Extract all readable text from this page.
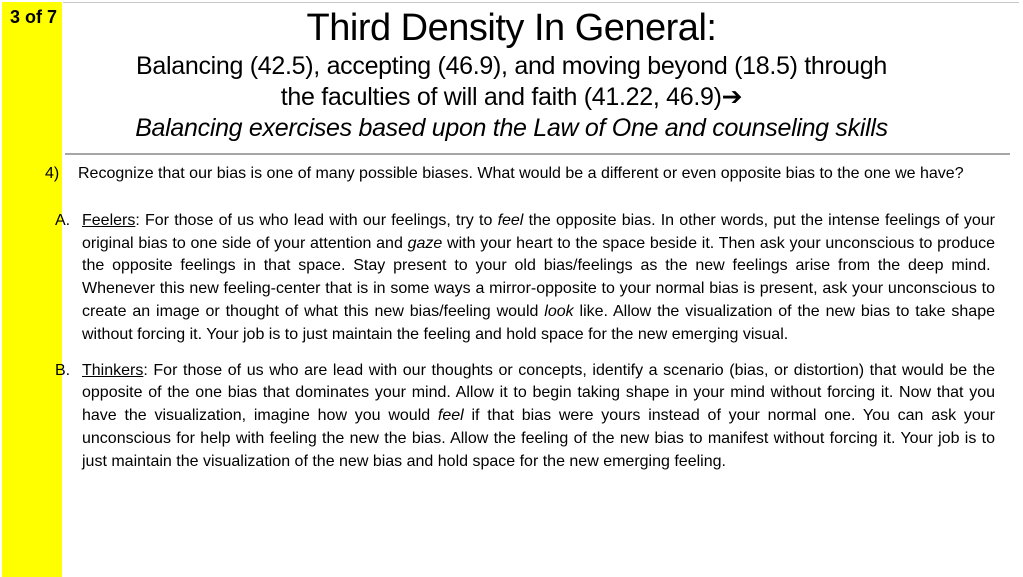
3 of 7	Third Density In General:
Balancing (42.5), accepting (46.9), and moving beyond (18.5) through
the faculties of will and faith (41.22, 46.9)➔
Balancing exercises based upon the Law of One and counseling skills
4)	Recognize that our bias is one of many possible biases. What would be a different or even opposite bias to the one we have?
A. Feelers: For those of us who lead with our feelings, try to feel the opposite bias. In other words, put the intense feelings of your original bias to one side of your attention and gaze with your heart to the space beside it. Then ask your unconscious to produce the opposite feelings in that space. Stay present to your old bias/feelings as the new feelings arise from the deep mind.  Whenever this new feeling-center that is in some ways a mirror-opposite to your normal bias is present, ask your unconscious to create an image or thought of what this new bias/feeling would look like. Allow the visualization of the new bias to take shape without forcing it. Your job is to just maintain the feeling and hold space for the new emerging visual.
B. Thinkers: For those of us who are lead with our thoughts or concepts, identify a scenario (bias, or distortion) that would be the opposite of the one bias that dominates your mind. Allow it to begin taking shape in your mind without forcing it. Now that you have the visualization, imagine how you would feel if that bias were yours instead of your normal one. You can ask your unconscious for help with feeling the new the bias. Allow the feeling of the new bias to manifest without forcing it. Your job is to just maintain the visualization of the new bias and hold space for the new emerging feeling.
